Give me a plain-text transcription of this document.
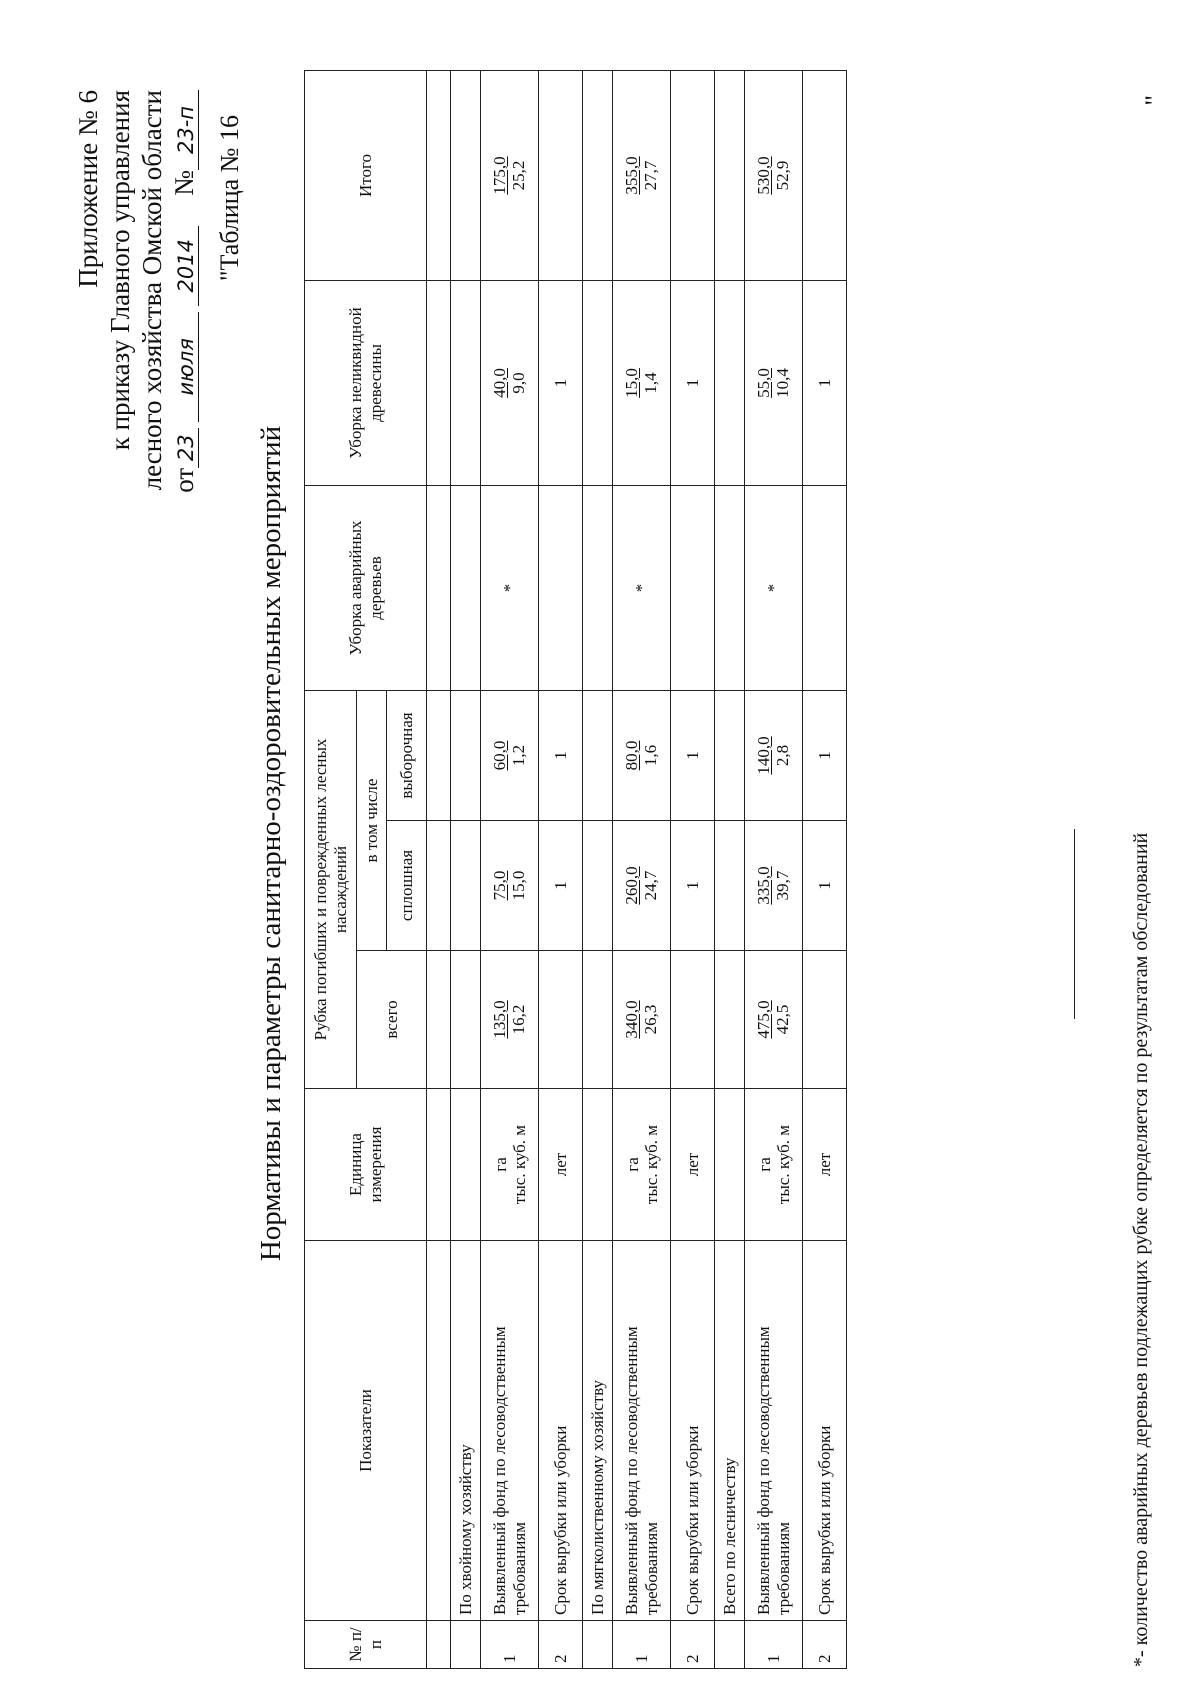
Приложение № 6 к приказу Главного управления лесного хозяйства Омской области от23июля2014№23-п "Таблица № 16
Нормативы и параметры санитарно-оздоровительных мероприятий
№ п/п	Показатели	Единица измерения	Рубка погибших и поврежденных лесных насаждений			Уборка аварийных деревьев	Уборка неликвидной древесины	Итого
			всего	в том числе				
				сплошная	выборочная			

	По хвойному хозяйству							
1	Выявленный фонд по лесоводственным требованиям	га тыс. куб. м	135,0 16,2	75,0 15,0	60,0 1,2	*	40,0 9,0	175,0 25,2

2	Срок вырубки или уборки	лет		1	1		1	
	По мягколиственному хозяйству							
1	Выявленный фонд по лесоводственным требованиям	га тыс. куб. м	340,0 26,3	260,0 24,7	80,0 1,6	*	15,0 1,4	355,0 27,7

2	Срок вырубки или уборки	лет		1	1		1	
	Всего по лесничеству							
1	Выявленный фонд по лесоводственным требованиям	га тыс. куб. м	475,0 42,5	335,0 39,7	140,0 2,8	*	55,0 10,4	530,0 52,9

2	Срок вырубки или уборки	лет		1	1		1	
*- количество аварийных деревьев подлежащих рубке определяется по результатам обследований
"
